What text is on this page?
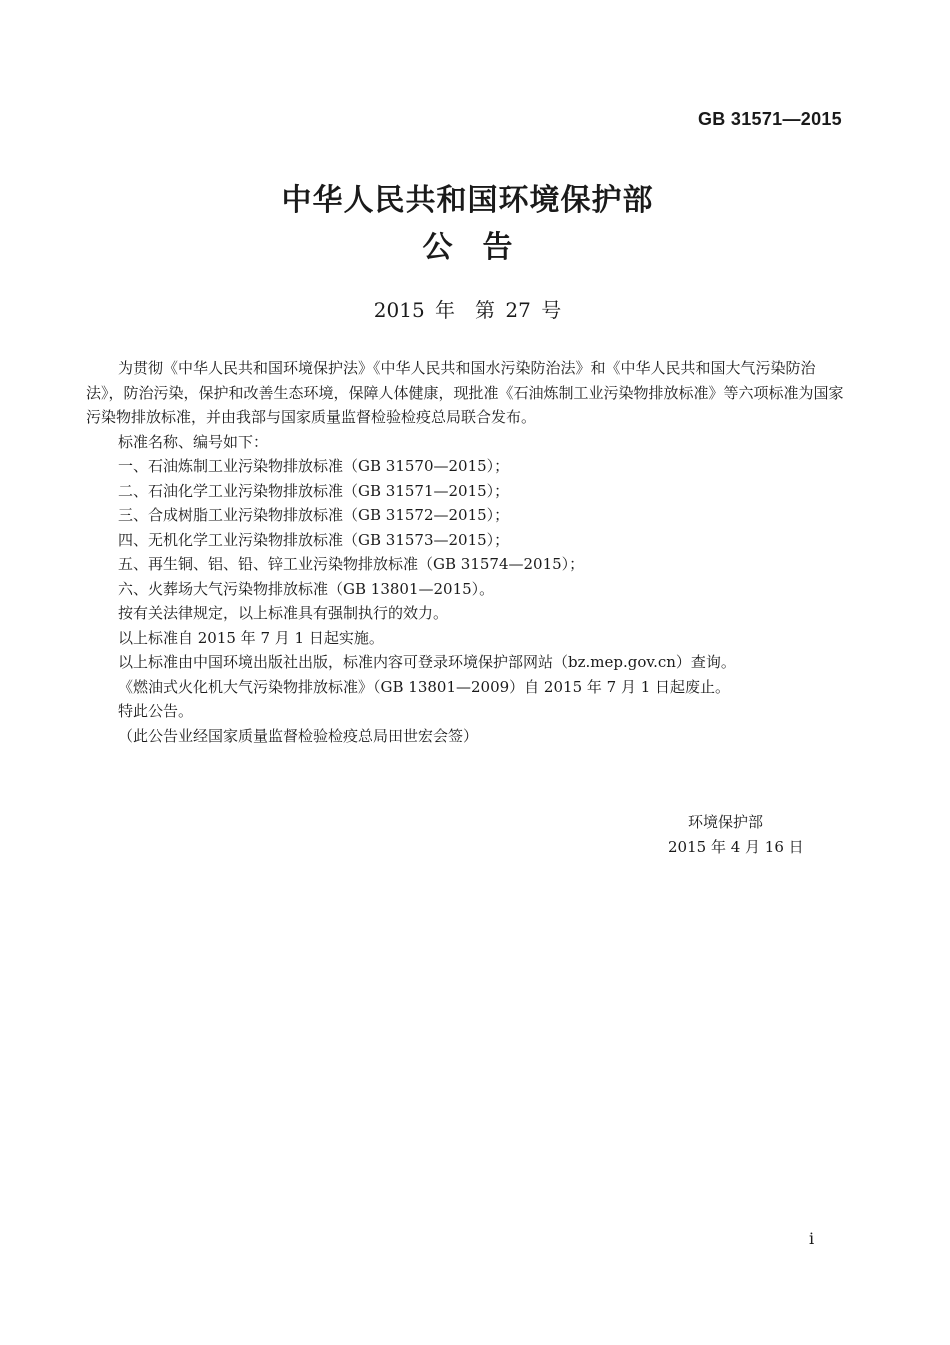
GB 31571—2015
中华人民共和国环境保护部
公告
2015 年　第 27 号

为贯彻《中华人民共和国环境保护法》《中华人民共和国水污染防治法》和《中华人民共和国大气污染防治法》，防治污染，保护和改善生态环境，保障人体健康，现批准《石油炼制工业污染物排放标准》等六项标准为国家污染物排放标准，并由我部与国家质量监督检验检疫总局联合发布。

标准名称、编号如下：

一、石油炼制工业污染物排放标准（GB 31570—2015）；

二、石油化学工业污染物排放标准（GB 31571—2015）；

三、合成树脂工业污染物排放标准（GB 31572—2015）；

四、无机化学工业污染物排放标准（GB 31573—2015）；

五、再生铜、铝、铅、锌工业污染物排放标准（GB 31574—2015）；

六、火葬场大气污染物排放标准（GB 13801—2015）。

按有关法律规定，以上标准具有强制执行的效力。

以上标准自 2015 年 7 月 1 日起实施。

以上标准由中国环境出版社出版，标准内容可登录环境保护部网站（bz.mep.gov.cn）查询。

《燃油式火化机大气污染物排放标准》（GB 13801—2009）自 2015 年 7 月 1 日起废止。

特此公告。

（此公告业经国家质量监督检验检疫总局田世宏会签）

环境保护部
2015 年 4 月 16 日
i
